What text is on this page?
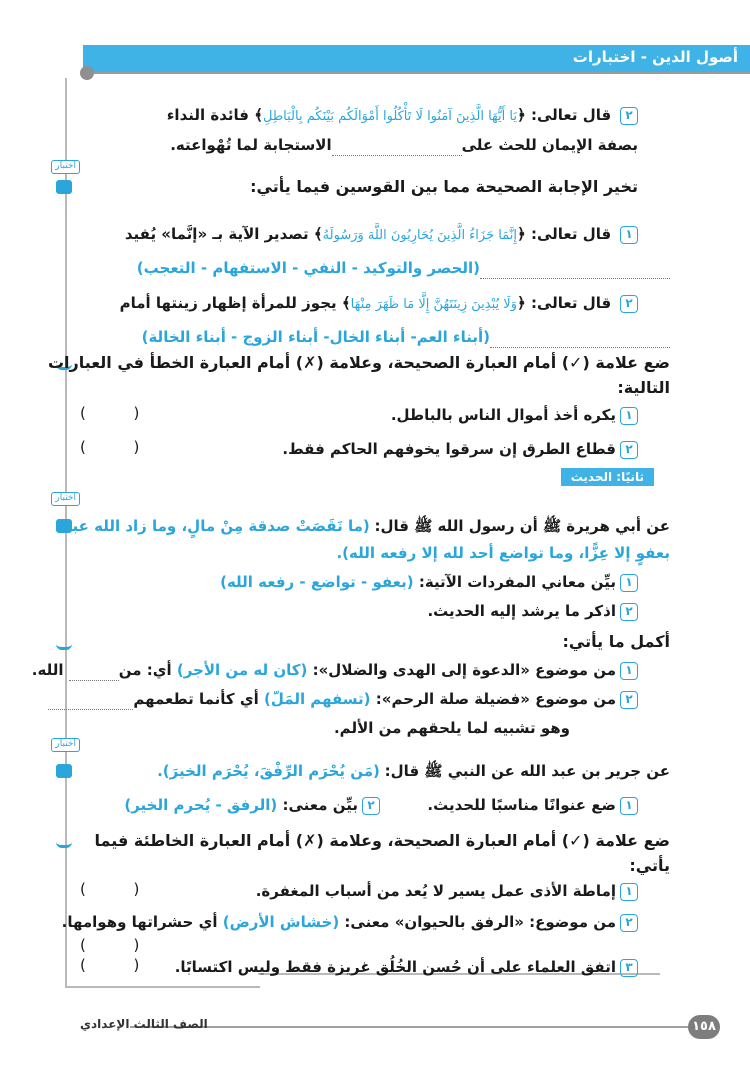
أصول الدين - اختبارات
٢ قال تعالى: ﴿يَا أَيُّهَا الَّذِينَ آمَنُوا لَا تَأْكُلُوا أَمْوَالَكُم بَيْنَكُم بِالْبَاطِلِ﴾ فائدة النداء
بصفة الإيمان للحث علىالاستجابة لما تُهْواعته.
اختبار
تخير الإجابة الصحيحة مما بين القوسين فيما يأتي:
١ قال تعالى: ﴿إِنَّمَا جَزَاءُ الَّذِينَ يُحَارِبُونَ اللَّهَ وَرَسُولَهُ﴾ تصدير الآية بـ «إنَّما» يُفيد
(الحصر والتوكيد - النفي - الاستفهام - التعجب)
٢ قال تعالى: ﴿وَلَا يُبْدِينَ زِينَتَهُنَّ إِلَّا مَا ظَهَرَ مِنْهَا﴾ يجوز للمرأة إظهار زينتها أمام
(أبناء العم- أبناء الخال- أبناء الزوج - أبناء الخالة)
ضع علامة (✓) أمام العبارة الصحيحة، وعلامة (✗) أمام العبارة الخطأ في العبارات
التالية:
١يكره أخذ أموال الناس بالباطل.
(          )
٢قطاع الطرق إن سرقوا يخوفهم الحاكم فقط.
(          )
ثانيًا: الحديث
اختبار
عن أبي هريرة ﷺ أن رسول الله ﷺ قال: (ما نَقَصَتْ صدقة مِنْ مالٍ، وما زاد الله عبدًا
بعفوٍ إلا عِزًّا، وما تواضع أحد لله إلا رفعه الله).
١بيِّن معاني المفردات الآتية: (بعفو - تواضع - رفعه الله)
٢اذكر ما يرشد إليه الحديث.
أكمل ما يأتي:
١من موضوع «الدعوة إلى الهدى والضلال»: (كان له من الأجر) أي: من الله.
٢من موضوع «فضيلة صلة الرحم»: (تسفهم المَلّ) أي كأنما تطعمهم
وهو تشبيه لما يلحقهم من الألم.
اختبار
عن جرير بن عبد الله عن النبي ﷺ قال: (مَن يُحْرَم الرِّفْقَ، يُحْرَم الخيرَ).
١ضع عنوانًا مناسبًا للحديث.
٢بيِّن معنى: (الرفق - يُحرم الخير)
ضع علامة (✓) أمام العبارة الصحيحة، وعلامة (✗) أمام العبارة الخاطئة فيما
يأتي:
١إماطة الأذى عمل يسير لا يُعد من أسباب المغفرة.
(          )
٢من موضوع: «الرفق بالحيوان» معنى: (خشاش الأرض) أي حشراتها وهوامها.
(          )
٣اتفق العلماء على أن حُسن الخُلُق غريزة فقط وليس اكتسابًا.
(          )
١٥٨
الصف الثالث الإعدادي
